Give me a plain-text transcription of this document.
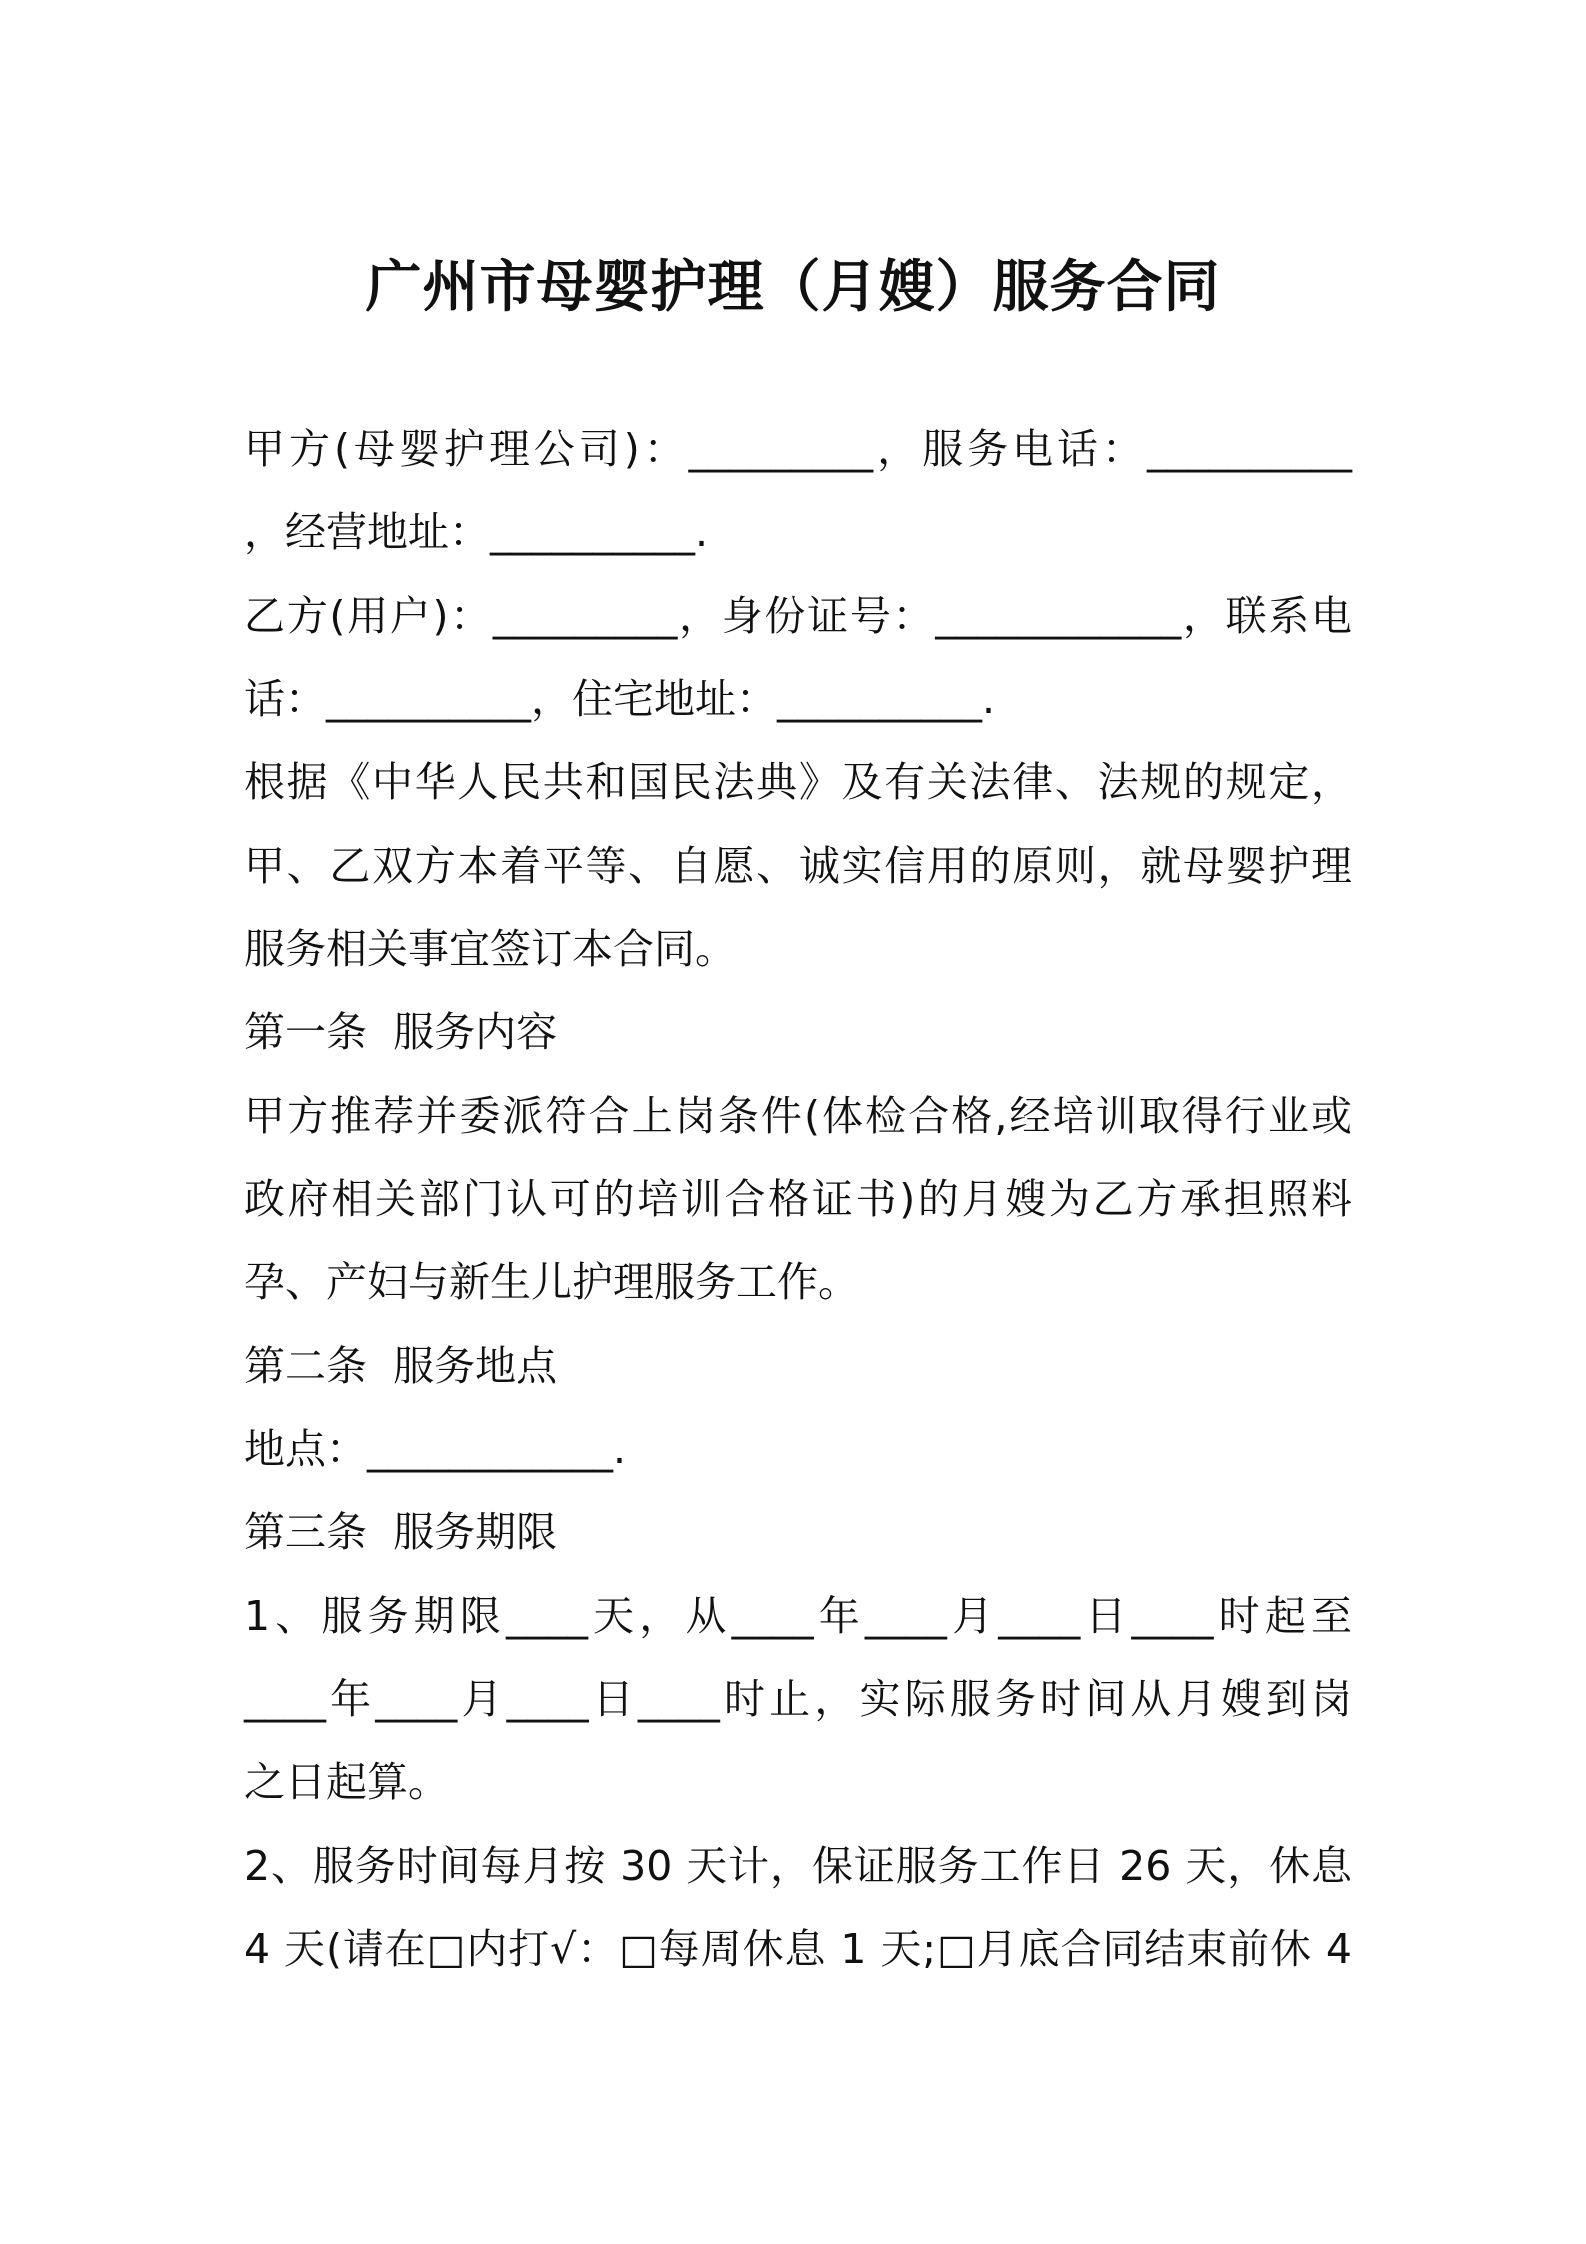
广州市母婴护理（月嫂）服务合同
甲方(母婴护理公司)：_________，服务电话：__________
，经营地址：__________.
乙方(用户)：_________，身份证号：____________，联系电
话：__________，住宅地址：__________.
根据《中华人民共和国民法典》及有关法律、法规的规定，
甲、乙双方本着平等、自愿、诚实信用的原则，就母婴护理
服务相关事宜签订本合同。
第一条  服务内容
甲方推荐并委派符合上岗条件(体检合格,经培训取得行业或
政府相关部门认可的培训合格证书)的月嫂为乙方承担照料
孕、产妇与新生儿护理服务工作。
第二条  服务地点
地点：____________.
第三条  服务期限
1、服务期限____天，从____年____月____日____时起至
____年____月____日____时止，实际服务时间从月嫂到岗
之日起算。
2、服务时间每月按 30 天计，保证服务工作日 26 天，休息
4 天(请在□内打√：□每周休息 1 天;□月底合同结束前休 4
